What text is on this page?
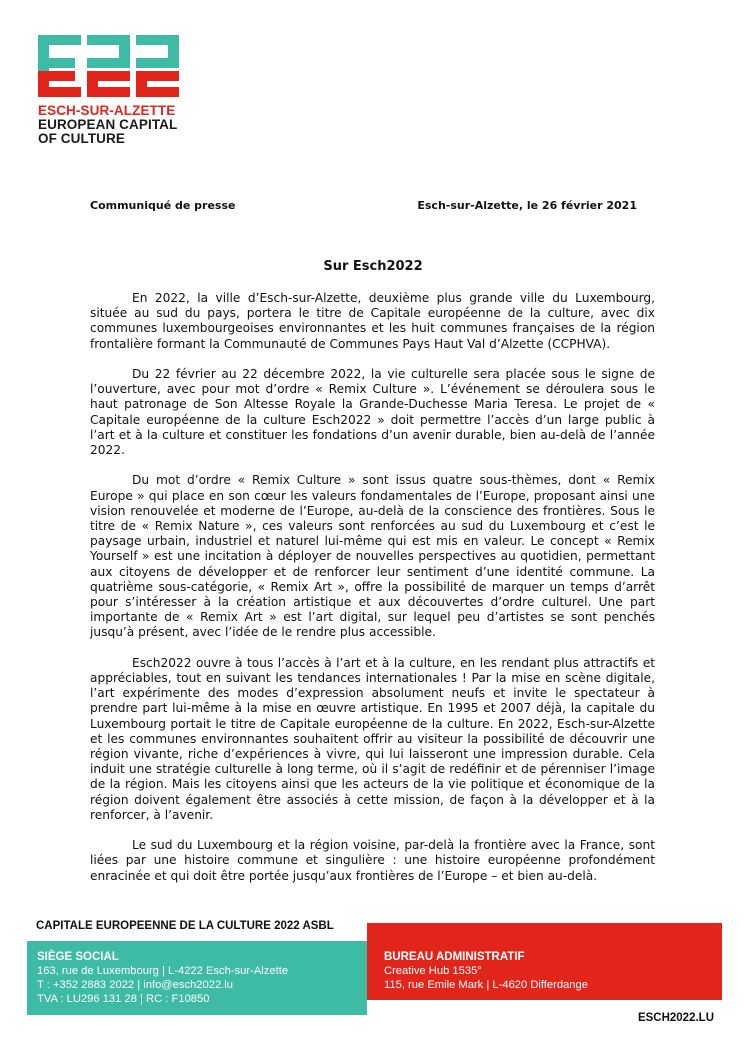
ESCH-SUR-ALZETTE
EUROPEAN CAPITAL
OF CULTURE
Communiqué de presse	Esch-sur-Alzette, le 26 février 2021
Sur Esch2022

En 2022, la ville d’Esch-sur-Alzette, deuxième plus grande ville du Luxembourg, située au sud du pays, portera le titre de Capitale européenne de la culture, avec dix communes luxembourgeoises environnantes et les huit communes françaises de la région frontalière formant la Communauté de Communes Pays Haut Val d’Alzette (CCPHVA).

Du 22 février au 22 décembre 2022, la vie culturelle sera placée sous le signe de l’ouverture, avec pour mot d’ordre « Remix Culture ». L’événement se déroulera sous le haut patronage de Son Altesse Royale la Grande-Duchesse Maria Teresa. Le projet de « Capitale européenne de la culture Esch2022 » doit permettre l’accès d’un large public à l’art et à la culture et constituer les fondations d’un avenir durable, bien au-delà de l’année 2022.

Du mot d’ordre « Remix Culture » sont issus quatre sous-thèmes, dont « Remix Europe » qui place en son cœur les valeurs fondamentales de l’Europe, proposant ainsi une vision renouvelée et moderne de l’Europe, au-delà de la conscience des frontières. Sous le titre de « Remix Nature », ces valeurs sont renforcées au sud du Luxembourg et c’est le paysage urbain, industriel et naturel lui-même qui est mis en valeur. Le concept « Remix Yourself » est une incitation à déployer de nouvelles perspectives au quotidien, permettant aux citoyens de développer et de renforcer leur sentiment d’une identité commune. La quatrième sous-catégorie, « Remix Art », offre la possibilité de marquer un temps d’arrêt pour s’intéresser à la création artistique et aux découvertes d’ordre culturel. Une part importante de « Remix Art » est l’art digital, sur lequel peu d’artistes se sont penchés jusqu’à présent, avec l’idée de le rendre plus accessible.

Esch2022 ouvre à tous l’accès à l’art et à la culture, en les rendant plus attractifs et appréciables, tout en suivant les tendances internationales ! Par la mise en scène digitale, l’art expérimente des modes d’expression absolument neufs et invite le spectateur à prendre part lui-même à la mise en œuvre artistique. En 1995 et 2007 déjà, la capitale du Luxembourg portait le titre de Capitale européenne de la culture. En 2022, Esch-sur-Alzette et les communes environnantes souhaitent offrir au visiteur la possibilité de découvrir une région vivante, riche d’expériences à vivre, qui lui laisseront une impression durable. Cela induit une stratégie culturelle à long terme, où il s’agit de redéfinir et de pérenniser l’image de la région. Mais les citoyens ainsi que les acteurs de la vie politique et économique de la région doivent également être associés à cette mission, de façon à la développer et à la renforcer, à l’avenir.

Le sud du Luxembourg et la région voisine, par-delà la frontière avec la France, sont liées par une histoire commune et singulière : une histoire européenne profondément enracinée et qui doit être portée jusqu’aux frontières de l’Europe – et bien au-delà.

CAPITALE EUROPEENNE DE LA CULTURE 2022 ASBL
BUREAU ADMINISTRATIF
Creative Hub 1535°
115, rue Emile Mark | L-4620 Differdange
SIÈGE SOCIAL
163, rue de Luxembourg | L-4222 Esch-sur-Alzette
T : +352 2883 2022 | info@esch2022.lu
TVA : LU296 131 28 | RC : F10850
ESCH2022.LU
